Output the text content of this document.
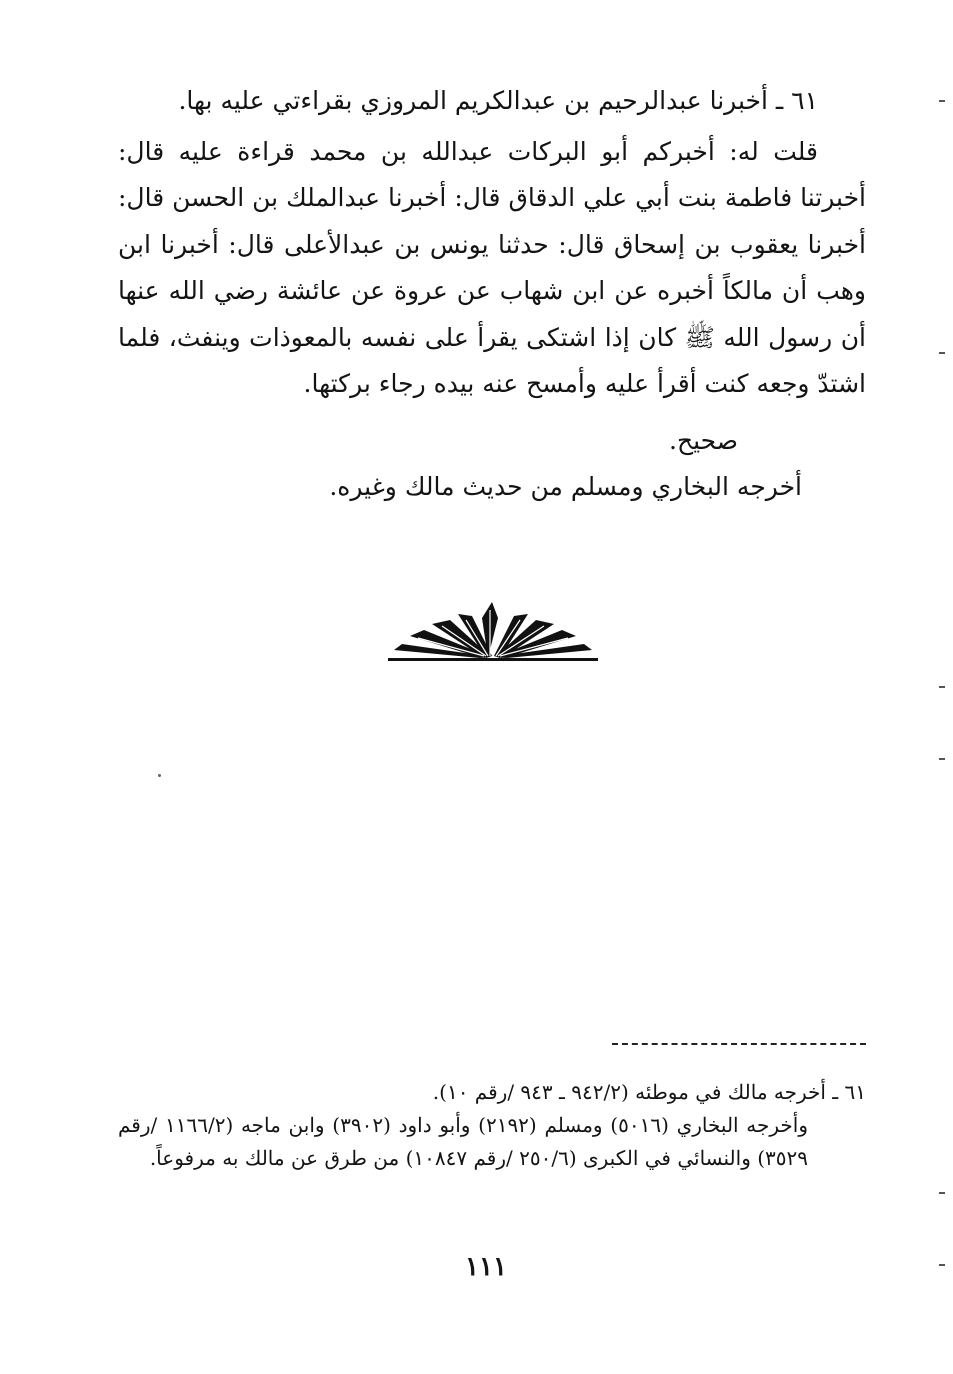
٦١ ـ أخبرنا عبدالرحيم بن عبدالكريم المروزي بقراءتي عليه بها.

قلت له: أخبركم أبو البركات عبدالله بن محمد قراءة عليه قال: أخبرتنا فاطمة بنت أبي علي الدقاق قال: أخبرنا عبدالملك بن الحسن قال: أخبرنا يعقوب بن إسحاق قال: حدثنا يونس بن عبدالأعلى قال: أخبرنا ابن وهب أن مالكاً أخبره عن ابن شهاب عن عروة عن عائشة رضي الله عنها أن رسول الله ﷺ كان إذا اشتكى يقرأ على نفسه بالمعوذات وينفث، فلما اشتدّ وجعه كنت أقرأ عليه وأمسح عنه بيده رجاء بركتها.

صحيح.

أخرجه البخاري ومسلم من حديث مالك وغيره.

٦١ ـ أخرجه مالك في موطئه (٩٤٢/٢ ـ ٩٤٣ /رقم ١٠).

وأخرجه البخاري (٥٠١٦) ومسلم (٢١٩٢) وأبو داود (٣٩٠٢) وابن ماجه (١١٦٦/٢ /رقم ٣٥٢٩) والنسائي في الكبرى (٢٥٠/٦ /رقم ١٠٨٤٧) من طرق عن مالك به مرفوعاً.

١١١
